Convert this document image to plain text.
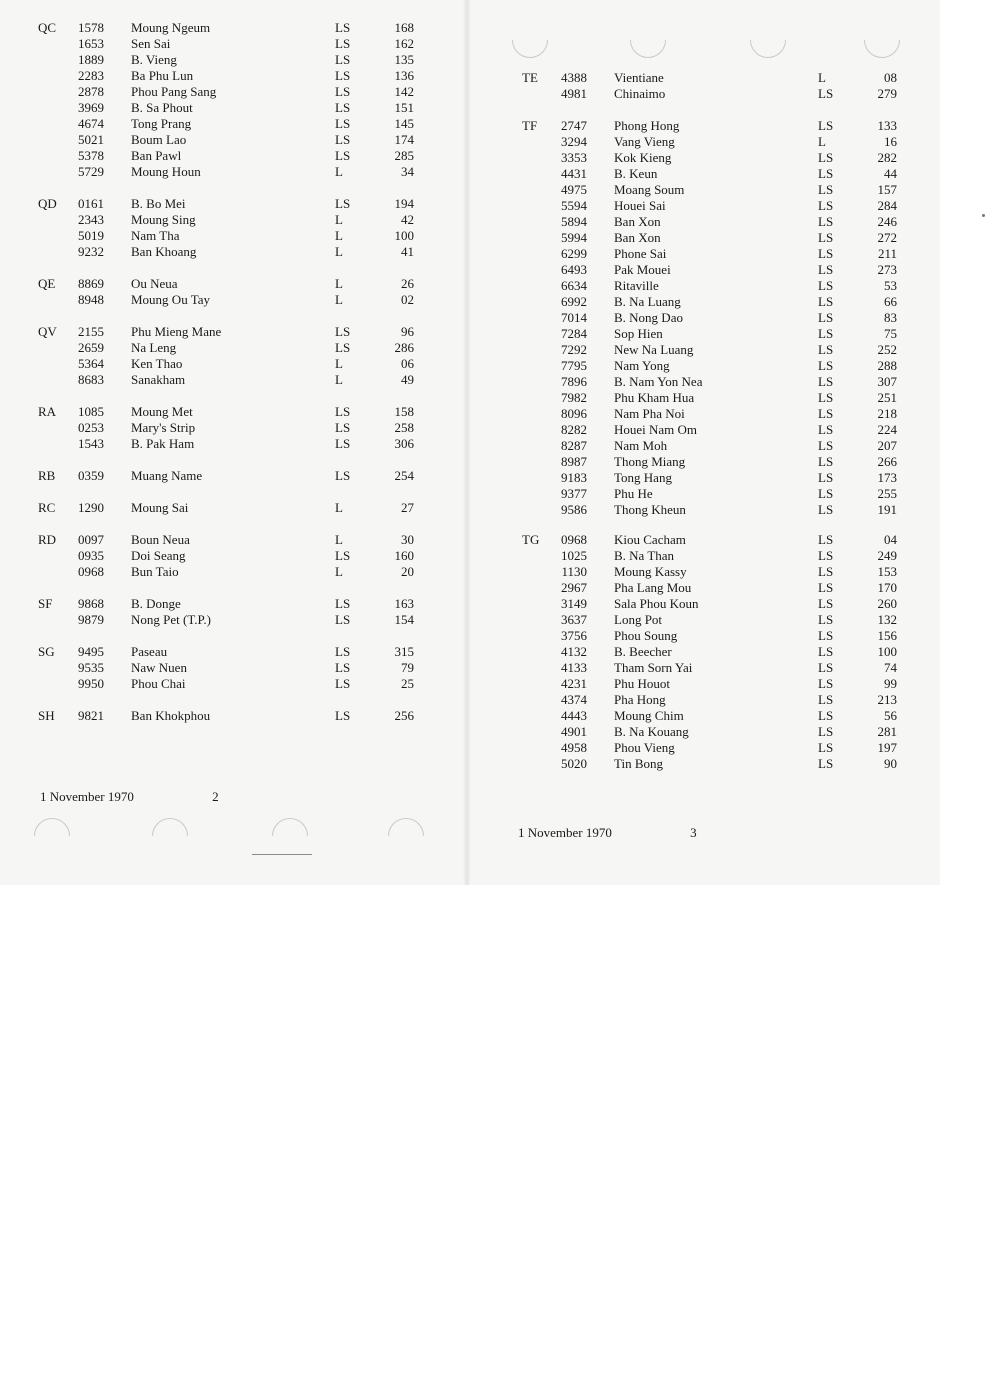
QC	1578 Moung Ngeum	LS	168
1653 Sen Sai	LS	162
1889 B. Vieng	LS	135
2283 Ba Phu Lun	LS	136
2878 Phou Pang Sang	LS	142
3969 B. Sa Phout	LS	151
4674 Tong Prang	LS	145
5021 Boum Lao	LS	174
5378 Ban Pawl	LS	285
5729 Moung Houn	L	34
QD	0161 B. Bo Mei	LS	194
2343 Moung Sing	L	42
5019 Nam Tha	L	100
9232 Ban Khoang	L	41
QE	8869 Ou Neua	L	26
8948 Moung Ou Tay	L	02
QV	2155 Phu Mieng Mane	LS	96
2659 Na Leng	LS	286
5364 Ken Thao	L	06
8683 Sanakham	L	49
RA	1085 Moung Met	LS	158
0253 Mary's Strip	LS	258
1543 B. Pak Ham	LS	306
RB	0359 Muang Name	LS	254
RC	1290 Moung Sai	L	27
RD	0097 Boun Neua	L	30
0935 Doi Seang	LS	160
0968 Bun Taio	L	20
SF	9868 B. Donge	LS	163
9879 Nong Pet (T.P.)	LS	154
SG	9495 Paseau	LS	315
9535 Naw Nuen	LS	79
9950 Phou Chai	LS	25
SH	9821 Ban Khokphou	LS	256
1 November 1970	2
TE	4388 Vientiane	L	08
4981 Chinaimo	LS	279
TF	2747 Phong Hong	LS	133
3294 Vang Vieng	L	16
3353 Kok Kieng	LS	282
4431 B. Keun	LS	44
4975 Moang Soum	LS	157
5594 Houei Sai	LS	284
5894 Ban Xon	LS	246
5994 Ban Xon	LS	272
6299 Phone Sai	LS	211
6493 Pak Mouei	LS	273
6634 Ritaville	LS	53
6992 B. Na Luang	LS	66
7014 B. Nong Dao	LS	83
7284 Sop Hien	LS	75
7292 New Na Luang	LS	252
7795 Nam Yong	LS	288
7896 B. Nam Yon Nea	LS	307
7982 Phu Kham Hua	LS	251
8096 Nam Pha Noi	LS	218
8282 Houei Nam Om	LS	224
8287 Nam Moh	LS	207
8987 Thong Miang	LS	266
9183 Tong Hang	LS	173
9377 Phu He	LS	255
9586 Thong Kheun	LS	191
TG	0968 Kiou Cacham	LS	04
1025 B. Na Than	LS	249
1130 Moung Kassy	LS	153
2967 Pha Lang Mou	LS	170
3149 Sala Phou Koun	LS	260
3637 Long Pot	LS	132
3756 Phou Soung	LS	156
4132 B. Beecher	LS	100
4133 Tham Sorn Yai	LS	74
4231 Phu Houot	LS	99
4374 Pha Hong	LS	213
4443 Moung Chim	LS	56
4901 B. Na Kouang	LS	281
4958 Phou Vieng	LS	197
5020 Tin Bong	LS	90
1 November 1970	3
